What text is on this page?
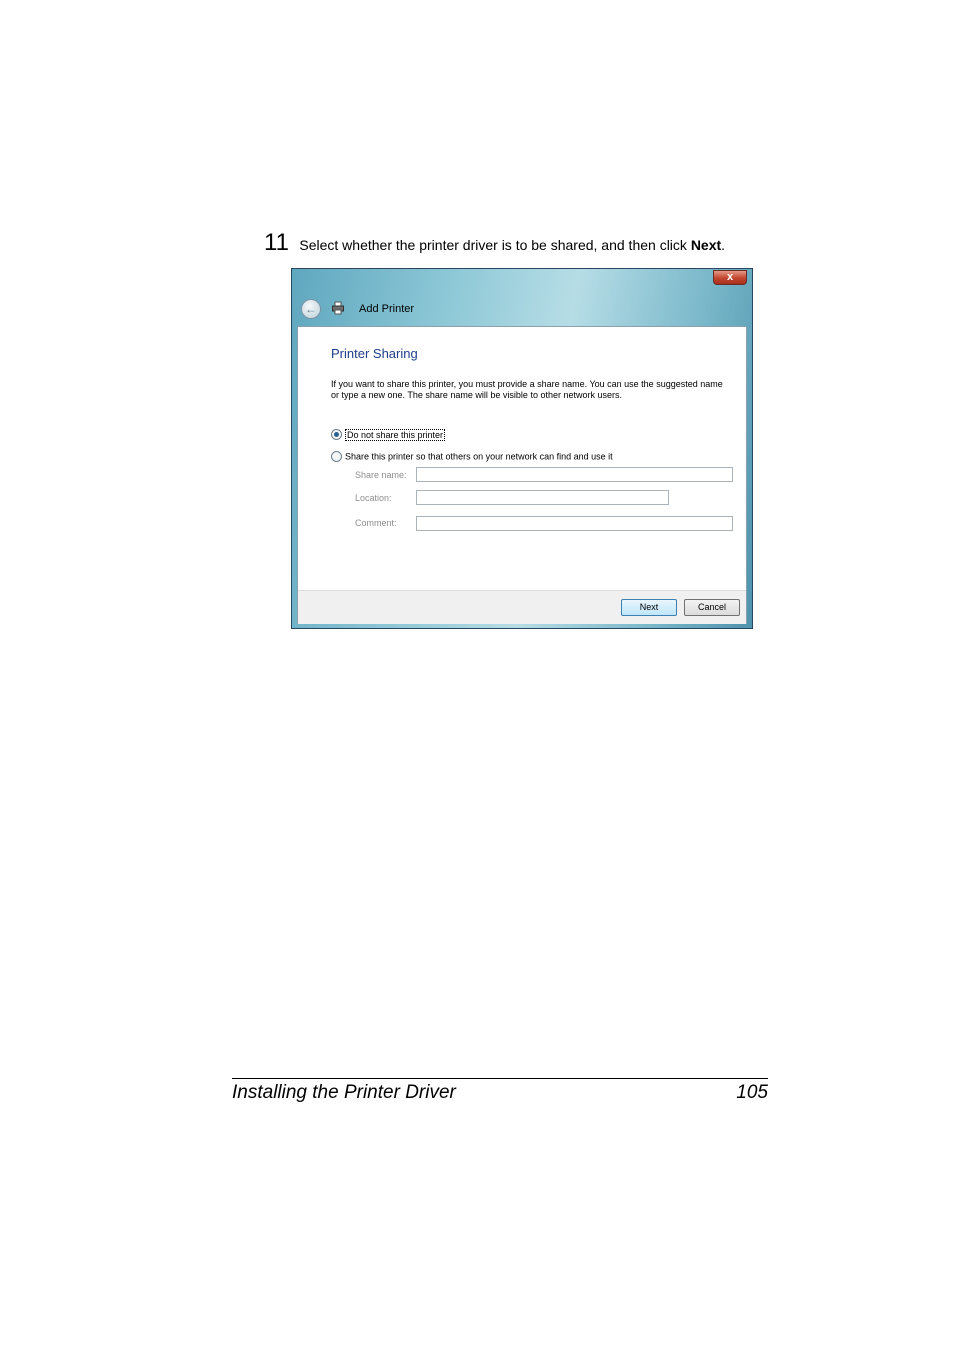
11 Select whether the printer driver is to be shared, and then click Next.
x
←	Add Printer
Printer Sharing
If you want to share this printer, you must provide a share name. You can use the suggested name or type a new one. The share name will be visible to other network users.
Do not share this printer
Share this printer so that others on your network can find and use it
Share name:
Location:
Comment:
Next	Cancel
Installing the Printer Driver	105
